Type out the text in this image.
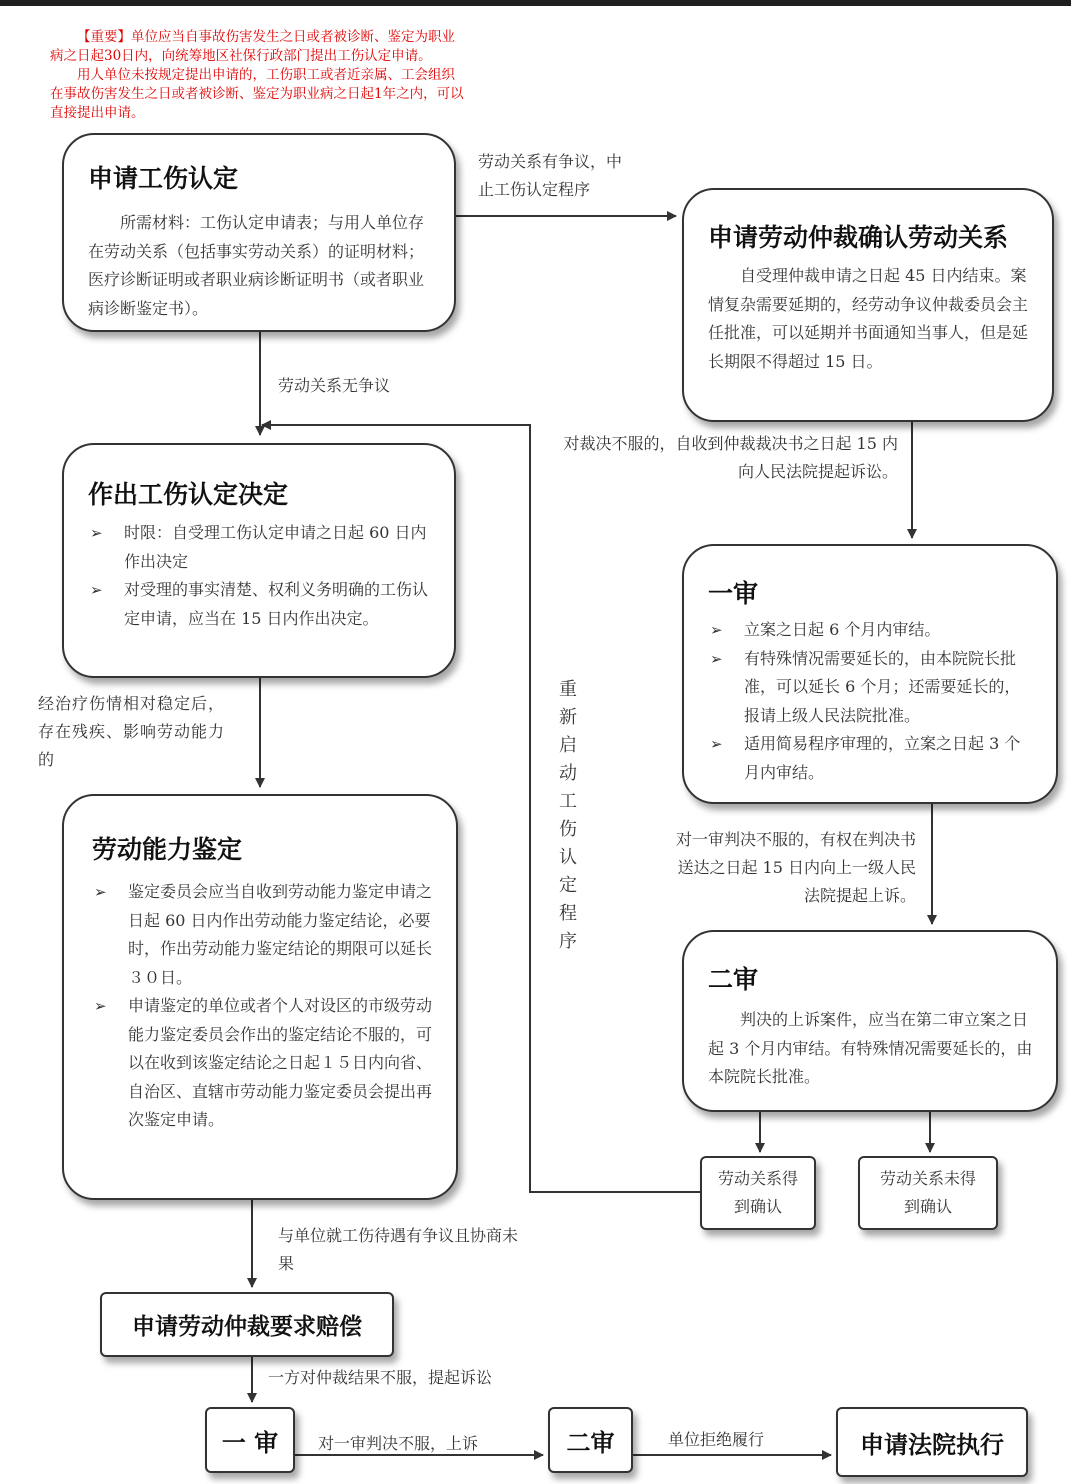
【重要】单位应当自事故伤害发生之日或者被诊断、鉴定为职业病之日起30日内，向统筹地区社保行政部门提出工伤认定申请。

用人单位未按规定提出申请的，工伤职工或者近亲属、工会组织在事故伤害发生之日或者被诊断、鉴定为职业病之日起1年之内，可以直接提出申请。

申请工伤认定

所需材料：工伤认定申请表；与用人单位存在劳动关系（包括事实劳动关系）的证明材料；医疗诊断证明或者职业病诊断证明书（或者职业病诊断鉴定书）。

申请劳动仲裁确认劳动关系

自受理仲裁申请之日起 45 日内结束。案情复杂需要延期的，经劳动争议仲裁委员会主任批准，可以延期并书面通知当事人，但是延长期限不得超过 15 日。

作出工伤认定决定

➢ 时限：自受理工伤认定申请之日起 60 日内作出决定
➢ 对受理的事实清楚、权利义务明确的工伤认定申请，应当在 15 日内作出决定。

一审

➢ 立案之日起 6 个月内审结。
➢ 有特殊情况需要延长的，由本院院长批准，可以延长 6 个月；还需要延长的，报请上级人民法院批准。
➢ 适用简易程序审理的，立案之日起 3 个月内审结。

劳动能力鉴定

➢ 鉴定委员会应当自收到劳动能力鉴定申请之日起 60 日内作出劳动能力鉴定结论，必要时，作出劳动能力鉴定结论的期限可以延长３０日。
➢ 申请鉴定的单位或者个人对设区的市级劳动能力鉴定委员会作出的鉴定结论不服的，可以在收到该鉴定结论之日起１５日内向省、自治区、直辖市劳动能力鉴定委员会提出再次鉴定申请。

二审

判决的上诉案件，应当在第二审立案之日起 3 个月内审结。有特殊情况需要延长的，由本院院长批准。

劳动关系得到确认
劳动关系未得到确认
申请劳动仲裁要求赔偿
一 审	二审	申请法院执行
劳动关系有争议，中止工伤认定程序
劳动关系无争议
对裁决不服的，自收到仲裁裁决书之日起 15 内向人民法院提起诉讼。
经治疗伤情相对稳定后，存在残疾、影响劳动能力的
重新启动工伤认定程序
对一审判决不服的，有权在判决书送达之日起 15 日内向上一级人民法院提起上诉。
与单位就工伤待遇有争议且协商未果
一方对仲裁结果不服，提起诉讼
对一审判决不服，上诉	单位拒绝履行
